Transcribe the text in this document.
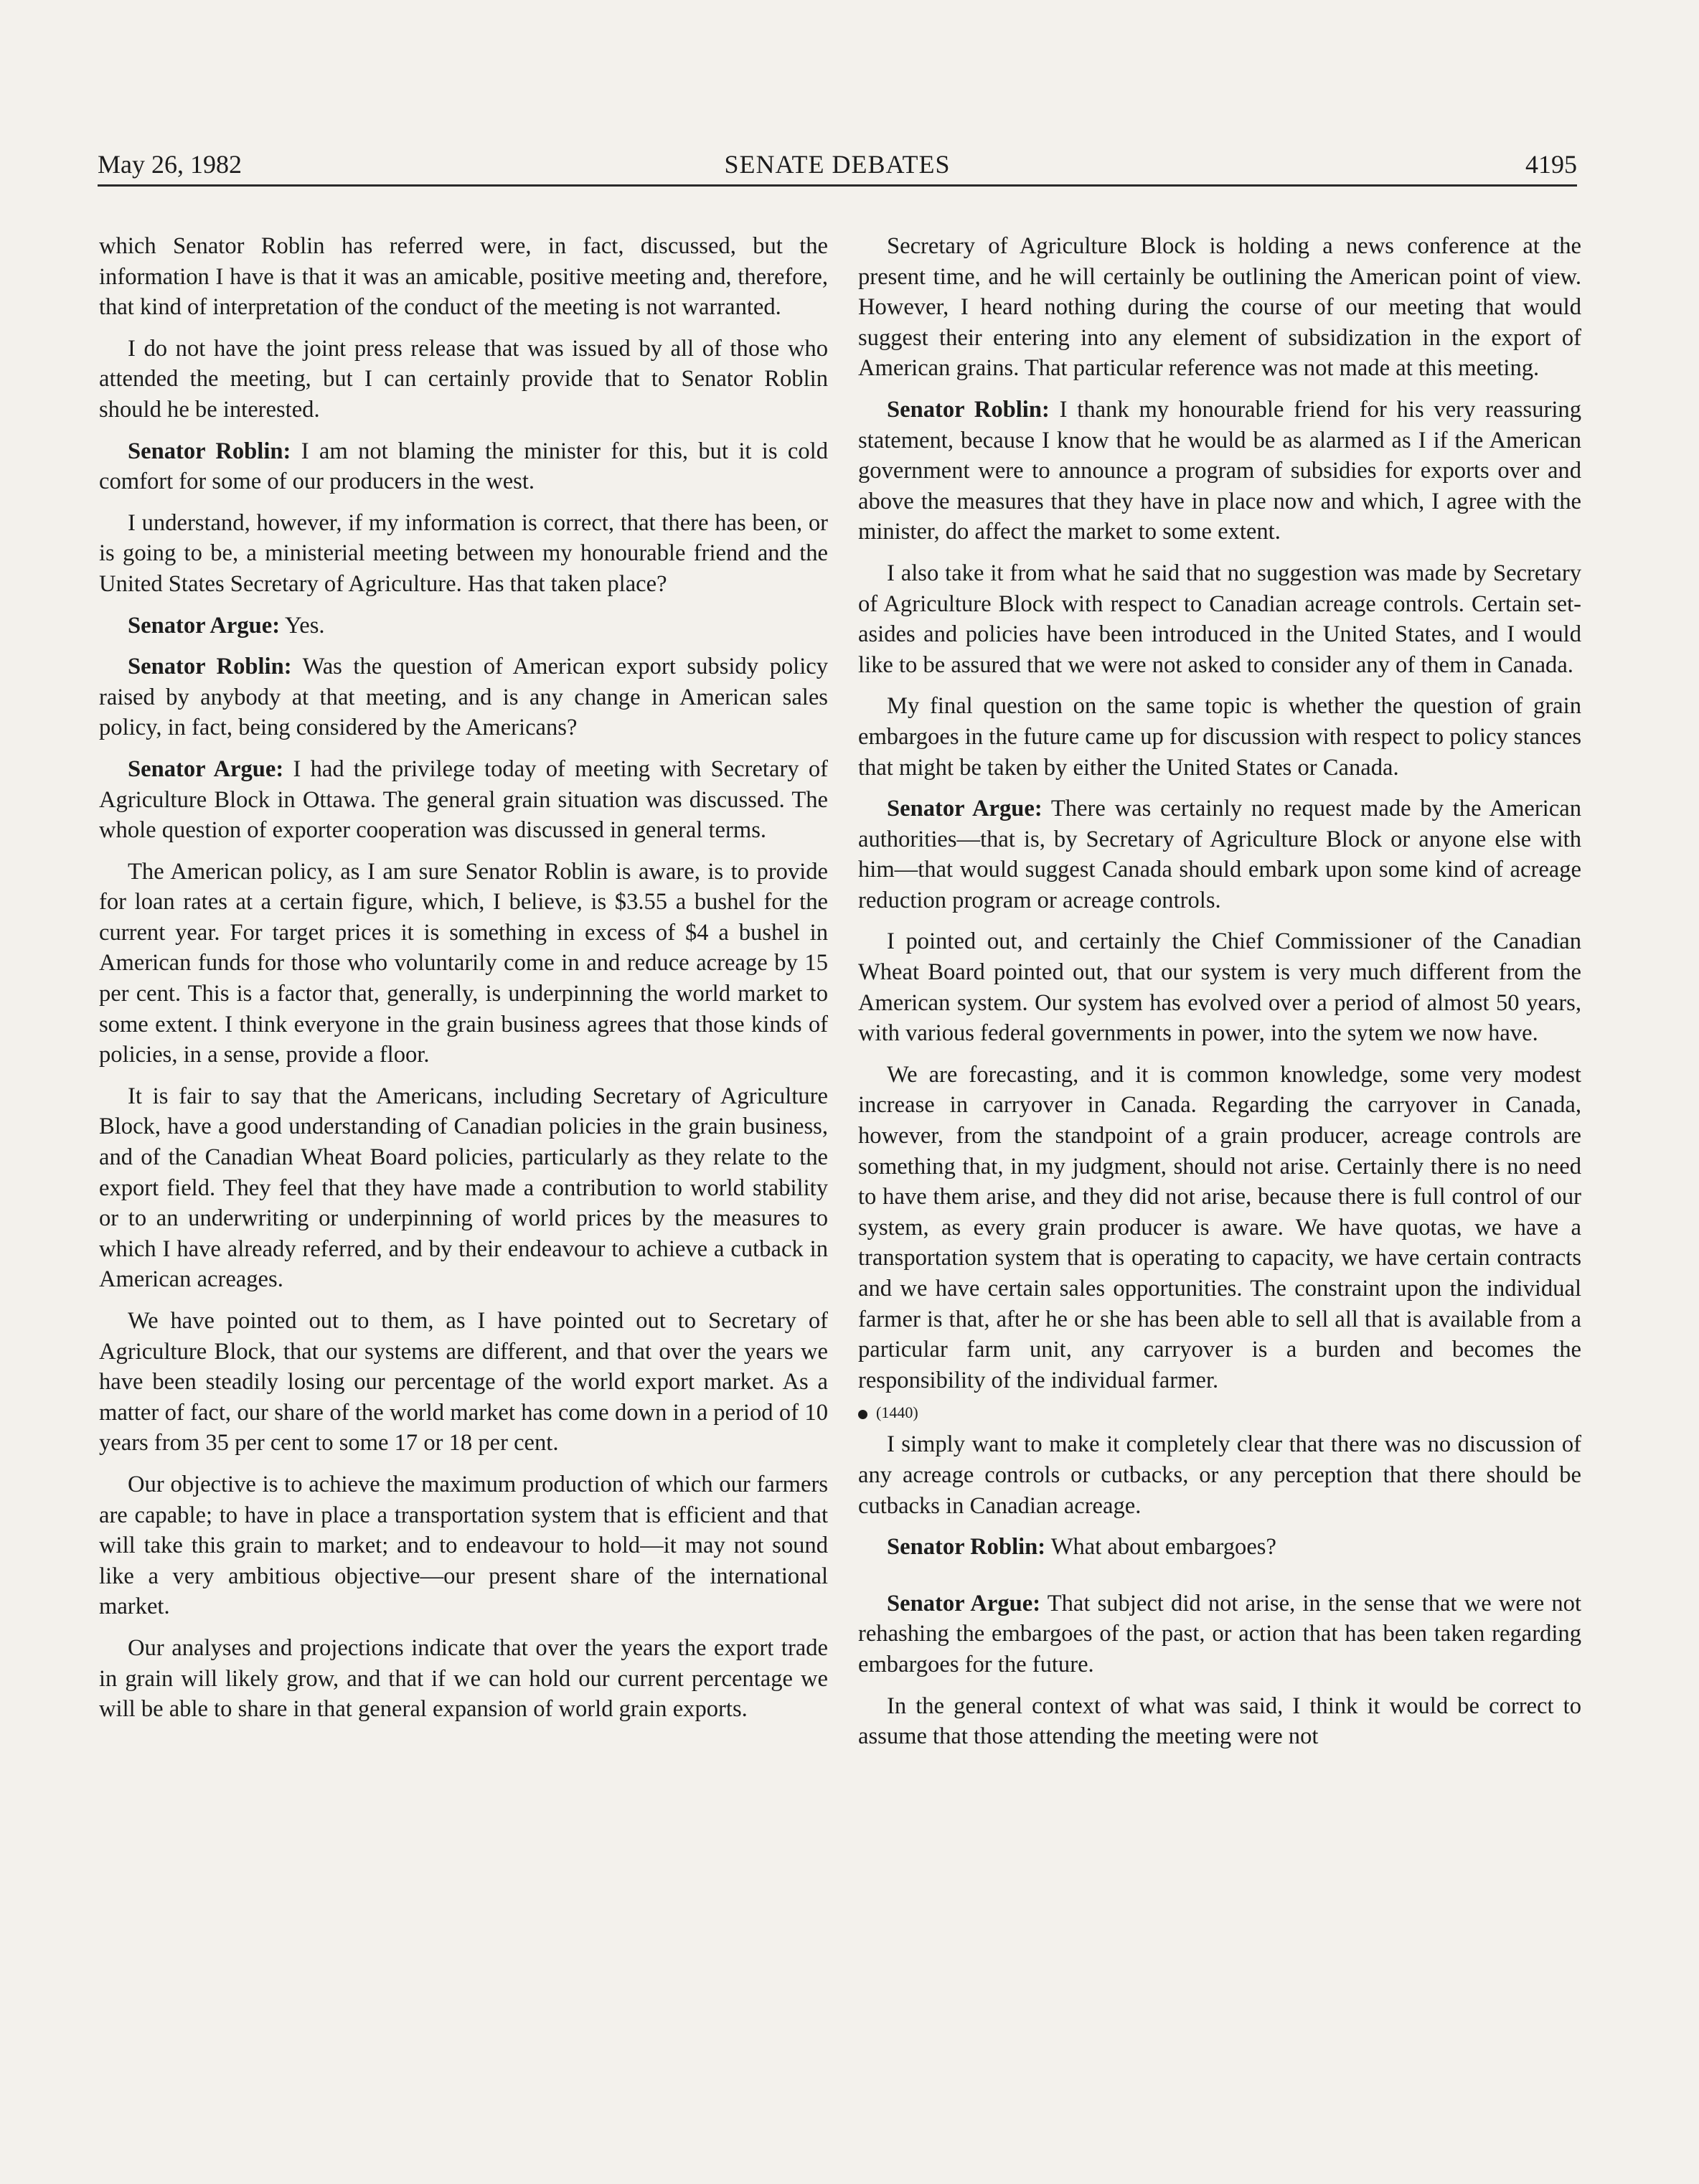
May 26, 1982	SENATE DEBATES	4195

which Senator Roblin has referred were, in fact, discussed, but the information I have is that it was an amicable, positive meeting and, therefore, that kind of interpretation of the conduct of the meeting is not warranted.

I do not have the joint press release that was issued by all of those who attended the meeting, but I can certainly provide that to Senator Roblin should he be interested.

Senator Roblin: I am not blaming the minister for this, but it is cold comfort for some of our producers in the west.

I understand, however, if my information is correct, that there has been, or is going to be, a ministerial meeting between my honourable friend and the United States Secretary of Agriculture. Has that taken place?

Senator Argue: Yes.

Senator Roblin: Was the question of American export subsidy policy raised by anybody at that meeting, and is any change in American sales policy, in fact, being considered by the Americans?

Senator Argue: I had the privilege today of meeting with Secretary of Agriculture Block in Ottawa. The general grain situation was discussed. The whole question of exporter cooperation was discussed in general terms.

The American policy, as I am sure Senator Roblin is aware, is to provide for loan rates at a certain figure, which, I believe, is $3.55 a bushel for the current year. For target prices it is something in excess of $4 a bushel in American funds for those who voluntarily come in and reduce acreage by 15 per cent. This is a factor that, generally, is underpinning the world market to some extent. I think everyone in the grain business agrees that those kinds of policies, in a sense, provide a floor.

It is fair to say that the Americans, including Secretary of Agriculture Block, have a good understanding of Canadian policies in the grain business, and of the Canadian Wheat Board policies, particularly as they relate to the export field. They feel that they have made a contribution to world stability or to an underwriting or underpinning of world prices by the measures to which I have already referred, and by their endeavour to achieve a cutback in American acreages.

We have pointed out to them, as I have pointed out to Secretary of Agriculture Block, that our systems are different, and that over the years we have been steadily losing our percentage of the world export market. As a matter of fact, our share of the world market has come down in a period of 10 years from 35 per cent to some 17 or 18 per cent.

Our objective is to achieve the maximum production of which our farmers are capable; to have in place a transportation system that is efficient and that will take this grain to market; and to endeavour to hold—it may not sound like a very ambitious objective—our present share of the international market.

Our analyses and projections indicate that over the years the export trade in grain will likely grow, and that if we can hold our current percentage we will be able to share in that general expansion of world grain exports.

Secretary of Agriculture Block is holding a news conference at the present time, and he will certainly be outlining the American point of view. However, I heard nothing during the course of our meeting that would suggest their entering into any element of subsidization in the export of American grains. That particular reference was not made at this meeting.

Senator Roblin: I thank my honourable friend for his very reassuring statement, because I know that he would be as alarmed as I if the American government were to announce a program of subsidies for exports over and above the measures that they have in place now and which, I agree with the minister, do affect the market to some extent.

I also take it from what he said that no suggestion was made by Secretary of Agriculture Block with respect to Canadian acreage controls. Certain set-asides and policies have been introduced in the United States, and I would like to be assured that we were not asked to consider any of them in Canada.

My final question on the same topic is whether the question of grain embargoes in the future came up for discussion with respect to policy stances that might be taken by either the United States or Canada.

Senator Argue: There was certainly no request made by the American authorities—that is, by Secretary of Agriculture Block or anyone else with him—that would suggest Canada should embark upon some kind of acreage reduction program or acreage controls.

I pointed out, and certainly the Chief Commissioner of the Canadian Wheat Board pointed out, that our system is very much different from the American system. Our system has evolved over a period of almost 50 years, with various federal governments in power, into the sytem we now have.

We are forecasting, and it is common knowledge, some very modest increase in carryover in Canada. Regarding the carryover in Canada, however, from the standpoint of a grain producer, acreage controls are something that, in my judgment, should not arise. Certainly there is no need to have them arise, and they did not arise, because there is full control of our system, as every grain producer is aware. We have quotas, we have a transportation system that is operating to capacity, we have certain contracts and we have certain sales opportunities. The constraint upon the individual farmer is that, after he or she has been able to sell all that is available from a particular farm unit, any carryover is a burden and becomes the responsibility of the individual farmer.

(1440)

I simply want to make it completely clear that there was no discussion of any acreage controls or cutbacks, or any perception that there should be cutbacks in Canadian acreage.

Senator Roblin: What about embargoes?

Senator Argue: That subject did not arise, in the sense that we were not rehashing the embargoes of the past, or action that has been taken regarding embargoes for the future.

In the general context of what was said, I think it would be correct to assume that those attending the meeting were not
